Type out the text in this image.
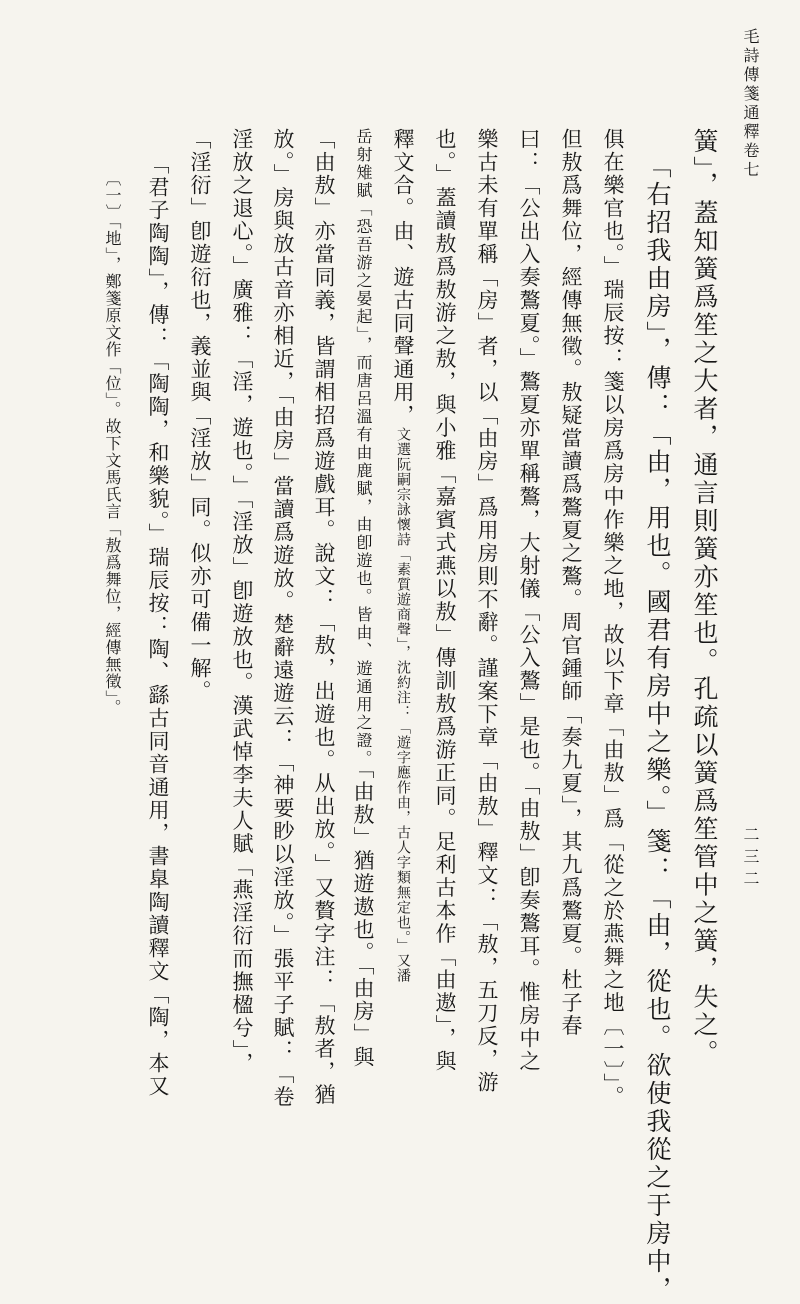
毛詩傳箋通釋卷七
二三二
簧」，蓋知簧爲笙之大者，通言則簧亦笙也。孔疏以簧爲笙管中之簧，失之。
「右招我由房」，傳：「由，用也。國君有房中之樂。」箋：「由，從也。欲使我從之于房中，
俱在樂官也。」瑞辰按：箋以房爲房中作樂之地，故以下章「由敖」爲「從之於燕舞之地〔一〕」。
但敖爲舞位，經傳無徵。敖疑當讀爲鷔夏之鷔。周官鍾師「奏九夏」，其九爲鷔夏。杜子春
曰：「公出入奏鷔夏。」鷔夏亦單稱鷔，大射儀「公入鷔」是也。「由敖」卽奏鷔耳。惟房中之
樂古未有單稱「房」者，以「由房」爲用房則不辭。謹案下章「由敖」釋文：「敖，五刀反，游
也。」蓋讀敖爲敖游之敖，與小雅「嘉賓式燕以敖」傳訓敖爲游正同。足利古本作「由遨」，與
釋文合。由、遊古同聲通用，文選阮嗣宗詠懷詩「素質遊商聲」，沈約注：「遊字應作由，古人字類無定也。」又潘
岳射雉賦「恐吾游之晏起」，而唐呂溫有由鹿賦，由卽遊也。皆由、遊通用之證。「由敖」猶遊遨也。「由房」與
「由敖」亦當同義，皆謂相招爲遊戲耳。說文：「敖，出遊也。从出放。」又贅字注：「敖者，猶
放。」房與放古音亦相近，「由房」當讀爲遊放。楚辭遠遊云：「神要眇以淫放。」張平子賦：「卷
淫放之退心。」廣雅：「淫，遊也。」「淫放」卽遊放也。漢武悼李夫人賦「燕淫衍而撫楹兮」，
「淫衍」卽遊衍也，義並與「淫放」同。似亦可備一解。
「君子陶陶」，傳：「陶陶，和樂貌。」瑞辰按：陶、繇古同音通用，書臯陶讀釋文「陶，本又
〔一〕「地」，鄭箋原文作「位」。故下文馬氏言「敖爲舞位，經傳無徵」。
